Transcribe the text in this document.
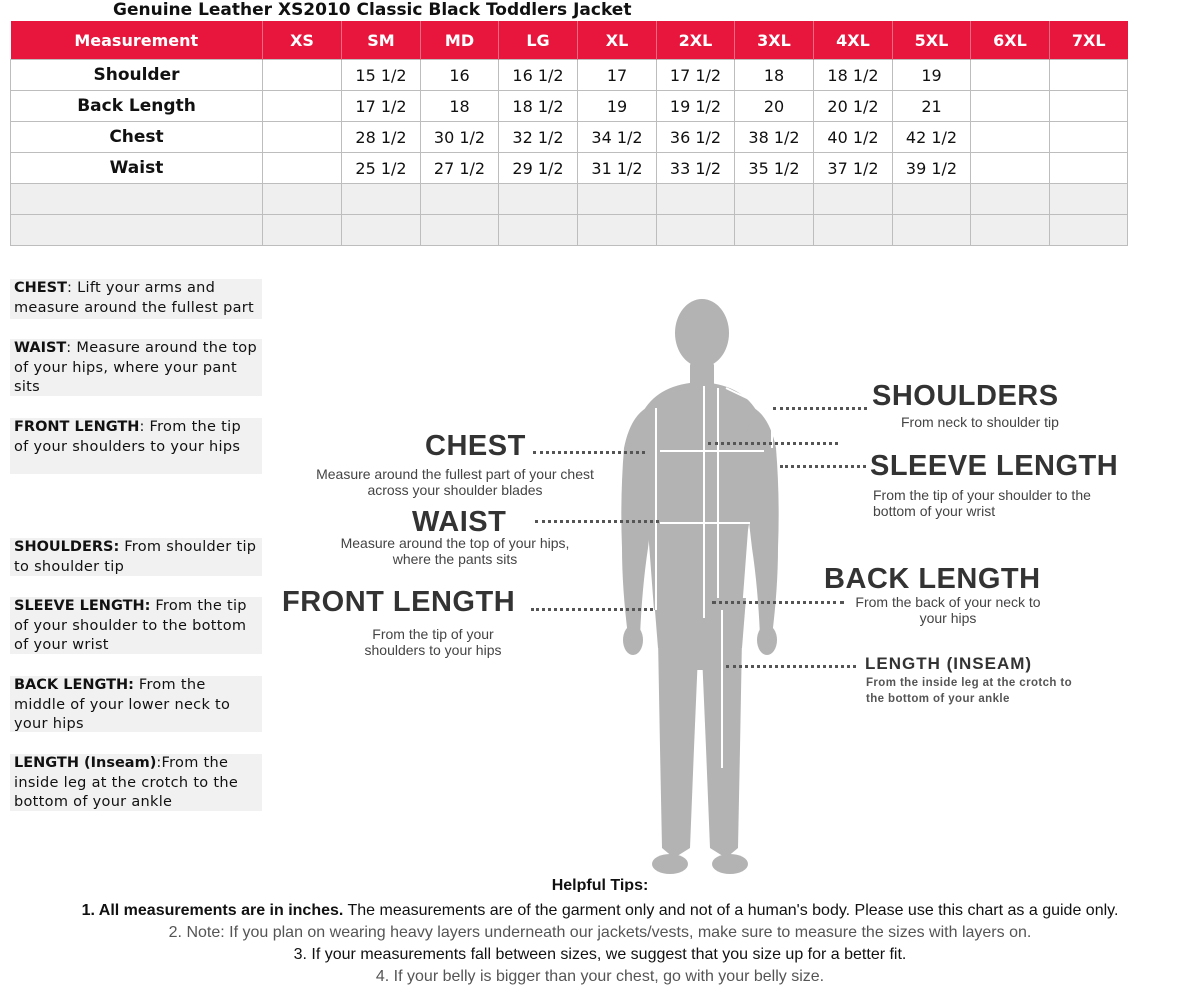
Genuine Leather XS2010 Classic Black Toddlers Jacket
Measurement	XS	SM	MD	LG	XL	2XL	3XL	4XL	5XL	6XL	7XL
Shoulder		15 1/2	16	16 1/2	17	17 1/2	18	18 1/2	19		
Back Length		17 1/2	18	18 1/2	19	19 1/2	20	20 1/2	21		
Chest		28 1/2	30 1/2	32 1/2	34 1/2	36 1/2	38 1/2	40 1/2	42 1/2		
Waist		25 1/2	27 1/2	29 1/2	31 1/2	33 1/2	35 1/2	37 1/2	39 1/2		

CHEST: Lift your arms and measure around the fullest part
WAIST: Measure around the top of your hips, where your pant sits
FRONT LENGTH: From the tip of your shoulders to your hips
SHOULDERS: From shoulder tip to shoulder tip
SLEEVE LENGTH: From the tip of your shoulder to the bottom of your wrist
BACK LENGTH: From the middle of your lower neck to your hips
LENGTH (Inseam):From the inside leg at the crotch to the bottom of your ankle
SHOULDERS
From neck to shoulder tip
CHEST
Measure around the fullest part of your chest across your shoulder blades
SLEEVE LENGTH
From the tip of your shoulder to the bottom of your wrist
WAIST
Measure around the top of your hips, where the pants sits
BACK LENGTH
From the back of your neck to your hips
FRONT LENGTH
From the tip of your shoulders to your hips
LENGTH (INSEAM)
From the inside leg at the crotch to the bottom of your ankle
Helpful Tips:
1. All measurements are in inches. The measurements are of the garment only and not of a human's body. Please use this chart as a guide only.
2. Note: If you plan on wearing heavy layers underneath our jackets/vests, make sure to measure the sizes with layers on.
3. If your measurements fall between sizes, we suggest that you size up for a better fit.
4. If your belly is bigger than your chest, go with your belly size.
